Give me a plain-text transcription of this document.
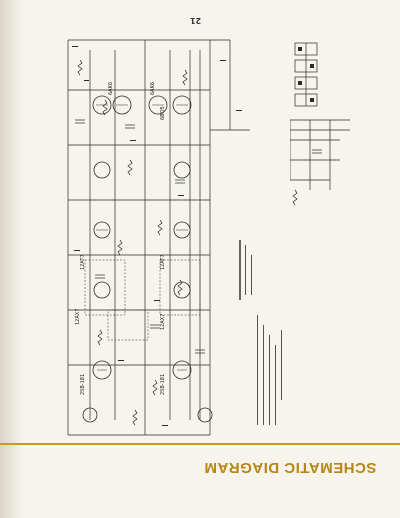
21
6AK6	6AK6
6BQ5
12AT7	12AT7
12AX7	12AX7
2SB-181	2SB-181
SCHEMATIC DIAGRAM
